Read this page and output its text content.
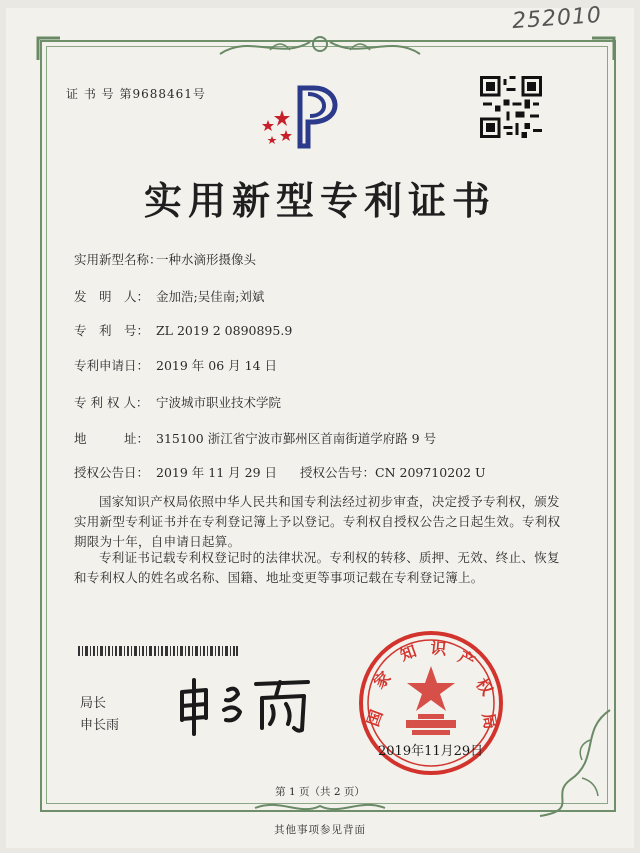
252010
证 书 号 第9688461号
实用新型专利证书
实用新型名称：一种水滴形摄像头
发　明　人： 金加浩;吴佳南;刘斌
专　利　号： ZL 2019 2 0890895.9
专利申请日： 2019 年 06 月 14 日
专 利 权 人： 宁波城市职业技术学院
地　　　址： 315100 浙江省宁波市鄞州区首南街道学府路 9 号
授权公告日： 2019 年 11 月 29 日 授权公告号：CN 209710202 U
国家知识产权局依照中华人民共和国专利法经过初步审查，决定授予专利权，颁发实用新型专利证书并在专利登记簿上予以登记。专利权自授权公告之日起生效。专利权期限为十年，自申请日起算。
专利证书记载专利权登记时的法律状况。专利权的转移、质押、无效、终止、恢复和专利权人的姓名或名称、国籍、地址变更等事项记载在专利登记簿上。
局长
申长雨	国
家
知 识 产
权
局
2019年11月29日
第 1 页（共 2 页）
其他事项参见背面
